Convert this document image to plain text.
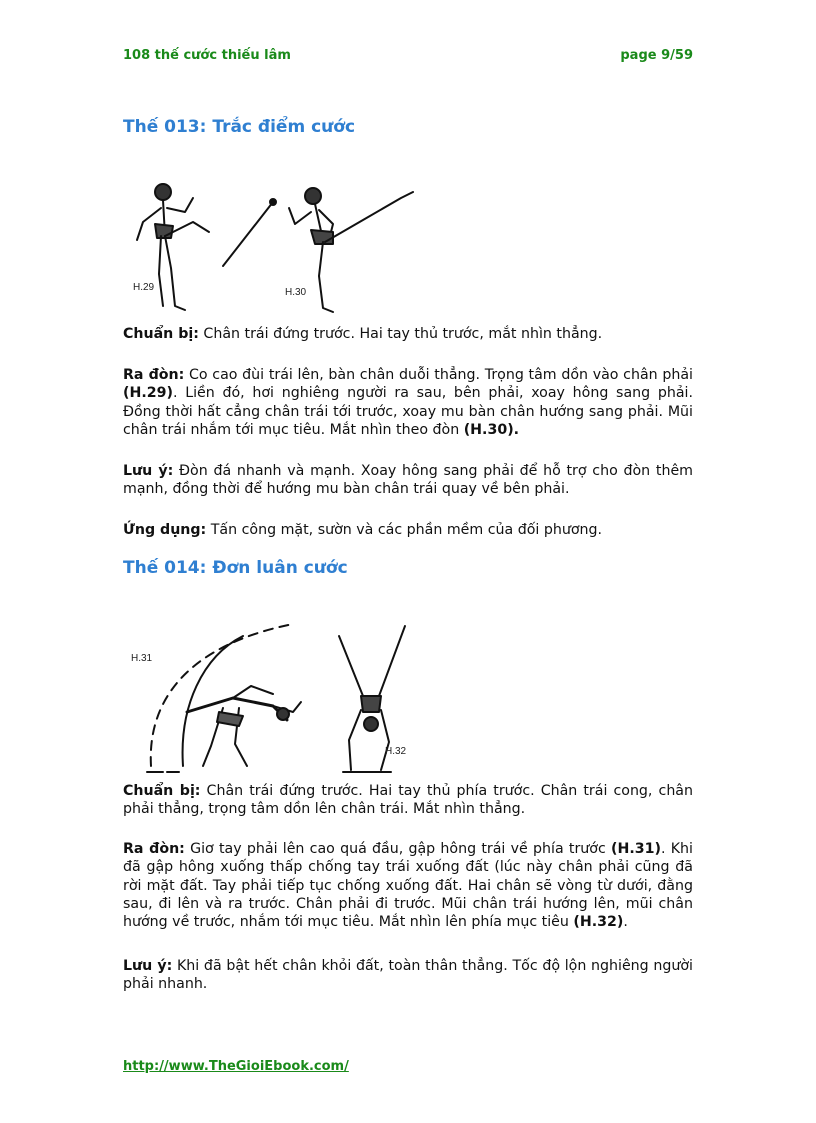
108 thế cước thiếu lâm	page 9/59
Thế 013: Trắc điểm cước
H.29	H.30

Chuẩn bị: Chân trái đứng trước. Hai tay thủ trước, mắt nhìn thẳng.

Ra đòn: Co cao đùi trái lên, bàn chân duỗi thẳng. Trọng tâm dồn vào chân phải (H.29). Liền đó, hơi nghiêng người ra sau, bên phải, xoay hông sang phải. Đồng thời hất cẳng chân trái tới trước, xoay mu bàn chân hướng sang phải. Mũi chân trái nhắm tới mục tiêu. Mắt nhìn theo đòn (H.30).

Lưu ý: Đòn đá nhanh và mạnh. Xoay hông sang phải để hỗ trợ cho đòn thêm mạnh, đồng thời để hướng mu bàn chân trái quay về bên phải.

Ứng dụng: Tấn công mặt, sườn và các phần mềm của đối phương.

Thế 014: Đơn luân cước
H.31
H.32

Chuẩn bị: Chân trái đứng trước. Hai tay thủ phía trước. Chân trái cong, chân phải thẳng, trọng tâm dồn lên chân trái. Mắt nhìn thẳng.

Ra đòn: Giơ tay phải lên cao quá đầu, gập hông trái về phía trước (H.31). Khi đã gập hông xuống thấp chống tay trái xuống đất (lúc này chân phải cũng đã rời mặt đất. Tay phải tiếp tục chống xuống đất. Hai chân sẽ vòng từ dưới, đằng sau, đi lên và ra trước. Chân phải đi trước. Mũi chân trái hướng lên, mũi chân hướng về trước, nhắm tới mục tiêu. Mắt nhìn lên phía mục tiêu (H.32).

Lưu ý: Khi đã bật hết chân khỏi đất, toàn thân thẳng. Tốc độ lộn nghiêng người phải nhanh.

http://www.TheGioiEbook.com/
